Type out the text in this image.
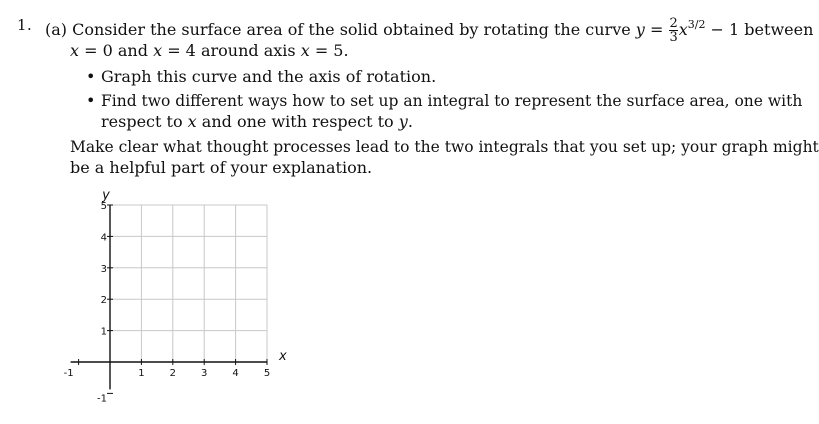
1. (a) Consider the surface area of the solid obtained by rotating the curve $y = \frac{2}{3} x^{3/2} - 1$ between
x = 0 and x = 4 around axis x = 5.
• Graph this curve and the axis of rotation.
• Find two different ways how to set up an integral to represent the surface area, one with
respect to x and one with respect to y.
Make clear what thought processes lead to the two integrals that you set up; your graph might
be a helpful part of your explanation.
-1	1	2	3	4	5
-1
1
2
3
4
5
x
y
